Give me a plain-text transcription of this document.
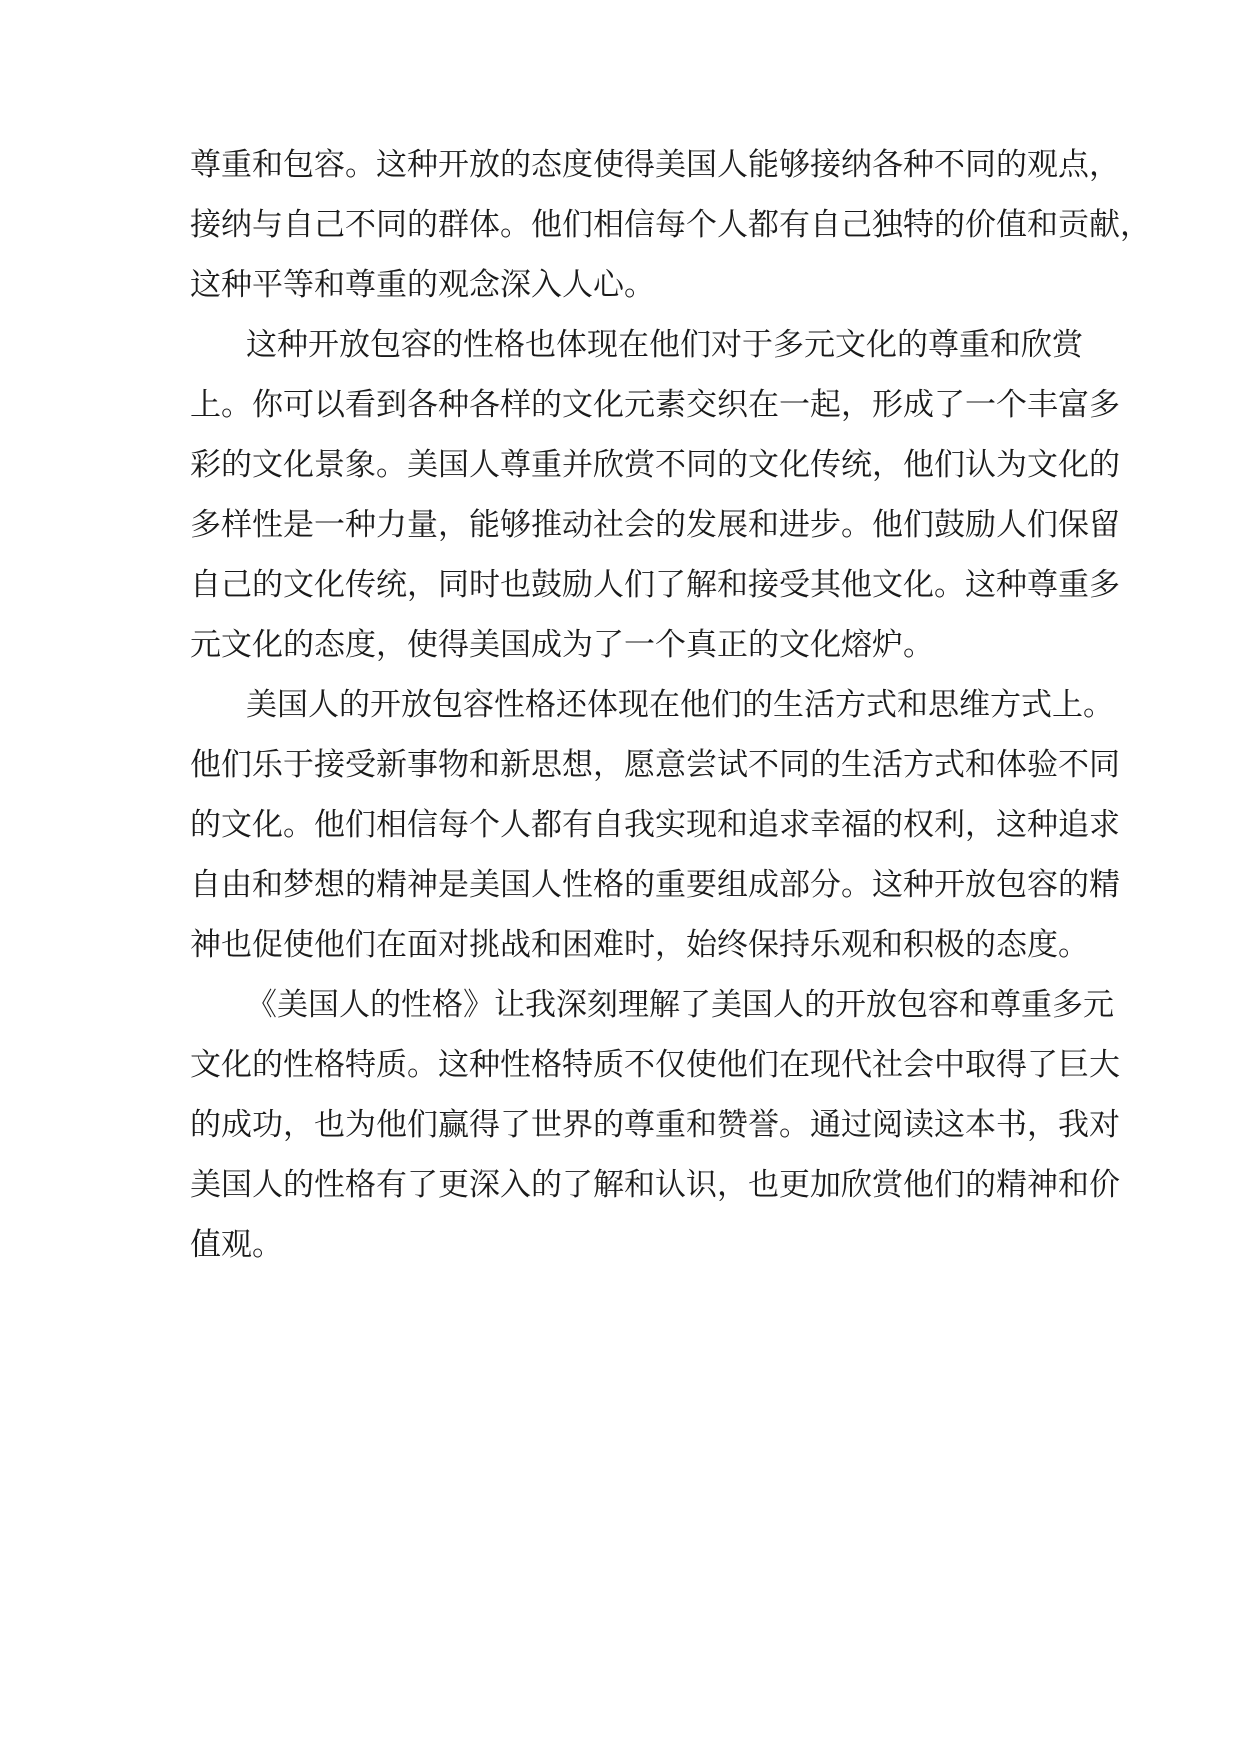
尊重和包容。这种开放的态度使得美国人能够接纳各种不同的观点，

接纳与自己不同的群体。他们相信每个人都有自己独特的价值和贡献，

这种平等和尊重的观念深入人心。

这种开放包容的性格也体现在他们对于多元文化的尊重和欣赏

上。你可以看到各种各样的文化元素交织在一起，形成了一个丰富多

彩的文化景象。美国人尊重并欣赏不同的文化传统，他们认为文化的

多样性是一种力量，能够推动社会的发展和进步。他们鼓励人们保留

自己的文化传统，同时也鼓励人们了解和接受其他文化。这种尊重多

元文化的态度，使得美国成为了一个真正的文化熔炉。

美国人的开放包容性格还体现在他们的生活方式和思维方式上。

他们乐于接受新事物和新思想，愿意尝试不同的生活方式和体验不同

的文化。他们相信每个人都有自我实现和追求幸福的权利，这种追求

自由和梦想的精神是美国人性格的重要组成部分。这种开放包容的精

神也促使他们在面对挑战和困难时，始终保持乐观和积极的态度。

《美国人的性格》让我深刻理解了美国人的开放包容和尊重多元

文化的性格特质。这种性格特质不仅使他们在现代社会中取得了巨大

的成功，也为他们赢得了世界的尊重和赞誉。通过阅读这本书，我对

美国人的性格有了更深入的了解和认识，也更加欣赏他们的精神和价

值观。
